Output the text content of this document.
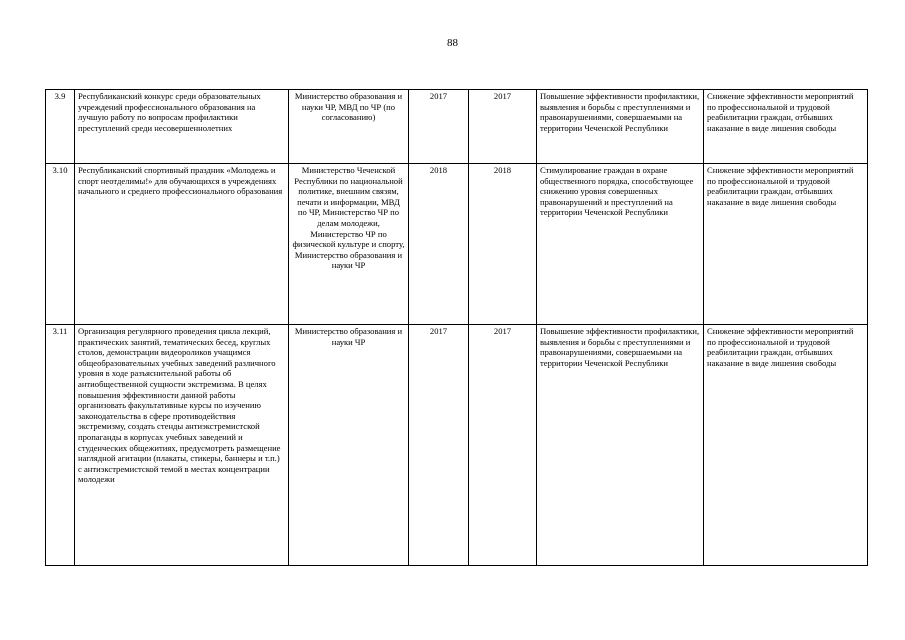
88
3.9	Республиканский конкурс среди образовательных учреждений профессионального образования на лучшую работу по вопросам профилактики преступлений среди несовершеннолетних	Министерство образования и науки ЧР, МВД по ЧР (по согласованию)	2017	2017	Повышение эффективности профилактики, выявления и борьбы с преступлениями и правонарушениями, совершаемыми на территории Чеченской Республики	Снижение эффективности мероприятий по профессиональной и трудовой реабилитации граждан, отбывших наказание в виде лишения свободы
3.10	Республиканский спортивный праздник «Молодежь и спорт неотделимы!» для обучающихся в учреждениях начального и среднего профессионального образования	Министерство Чеченской Республики по национальной политике, внешним связям, печати и информации, МВД по ЧР, Министерство ЧР по делам молодежи, Министерство ЧР по физической культуре и спорту, Министерство образования и науки ЧР	2018	2018	Стимулирование граждан в охране общественного порядка, способствующее снижению уровня совершенных правонарушений и преступлений на территории Чеченской Республики	Снижение эффективности мероприятий по профессиональной и трудовой реабилитации граждан, отбывших наказание в виде лишения свободы
3.11	Организация регулярного проведения цикла лекций, практических занятий, тематических бесед, круглых столов, демонстрации видеороликов учащимся общеобразовательных учебных заведений различного уровня в ходе разъяснительной работы об антиобщественной сущности экстремизма. В целях повышения эффективности данной работы организовать факультативные курсы по изучению законодательства в сфере противодействия экстремизму, создать стенды антиэкстремистской пропаганды в корпусах учебных заведений и студенческих общежитиях, предусмотреть размещение наглядной агитации (плакаты, стикеры, баннеры и т.п.) с антиэкстремистской темой в местах концентрации молодежи	Министерство образования и науки ЧР	2017	2017	Повышение эффективности профилактики, выявления и борьбы с преступлениями и правонарушениями, совершаемыми на территории Чеченской Республики	Снижение эффективности мероприятий по профессиональной и трудовой реабилитации граждан, отбывших наказание в виде лишения свободы
